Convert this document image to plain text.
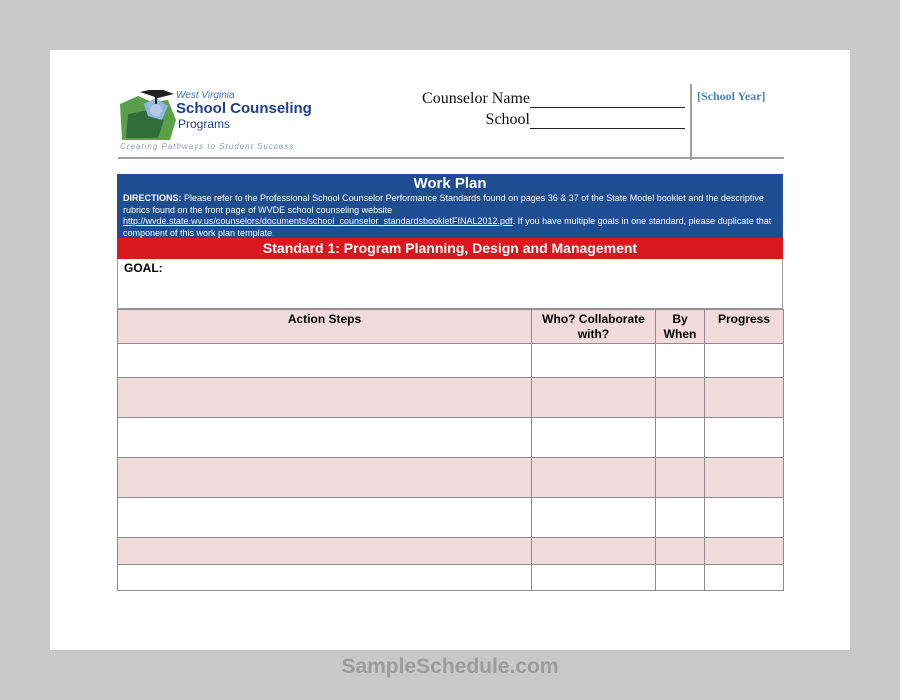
West Virginia
School Counseling
Programs
Creating Pathways to Student Success
Counselor Name
School
[School Year]
Work Plan
DIRECTIONS: Please refer to the Professional School Counselor Performance Standards found on pages 36 & 37 of the State Model booklet and the descriptive rubrics found on the front page of WVDE school counseling website
http://wvde.state.wv.us/counselors/documents/school_counselor_standardsbookletFINAL2012.pdf. If you have multiple goals in one standard, please duplicate that component of this work plan template.
Standard 1: Program Planning, Design and Management
GOAL:
Action Steps	Who? Collaborate with?	By When	Progress

SampleSchedule.com
